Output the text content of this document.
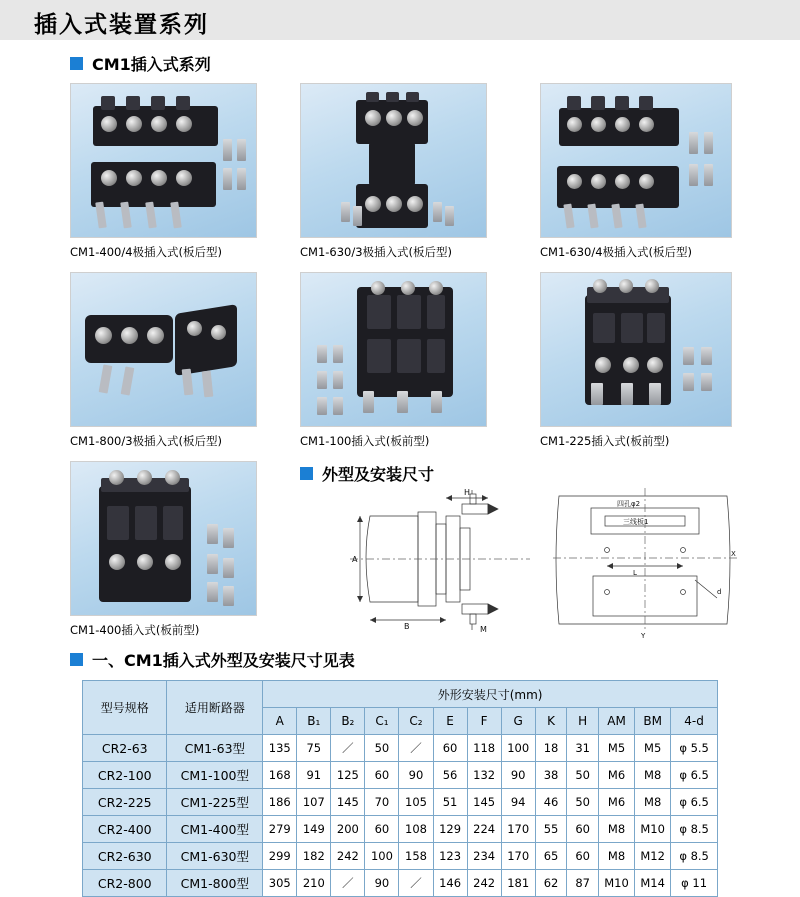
插入式装置系列
CM1插入式系列
CM1-400/4极插入式(板后型)	CM1-630/3极插入式(板后型)	CM1-630/4极插入式(板后型)
CM1-800/3极插入式(板后型)	CM1-100插入式(板前型)	CM1-225插入式(板前型)
CM1-400插入式(板前型)
外型及安装尺寸
A
H
B	M
四孔φ2
三线板1
X
Y
L
d
一、CM1插入式外型及安装尺寸见表
型号规格	适用断路器	外形安装尺寸(mm)												
		A	B₁	B₂	C₁	C₂	E	F	G	K	H	AM	BM	4-d
CR2-63	CM1-63型	135	75	／	50	／	60	118	100	18	31	M5	M5	φ 5.5
CR2-100	CM1-100型	168	91	125	60	90	56	132	90	38	50	M6	M8	φ 6.5
CR2-225	CM1-225型	186	107	145	70	105	51	145	94	46	50	M6	M8	φ 6.5
CR2-400	CM1-400型	279	149	200	60	108	129	224	170	55	60	M8	M10	φ 8.5
CR2-630	CM1-630型	299	182	242	100	158	123	234	170	65	60	M8	M12	φ 8.5
CR2-800	CM1-800型	305	210	／	90	／	146	242	181	62	87	M10	M14	φ 11
